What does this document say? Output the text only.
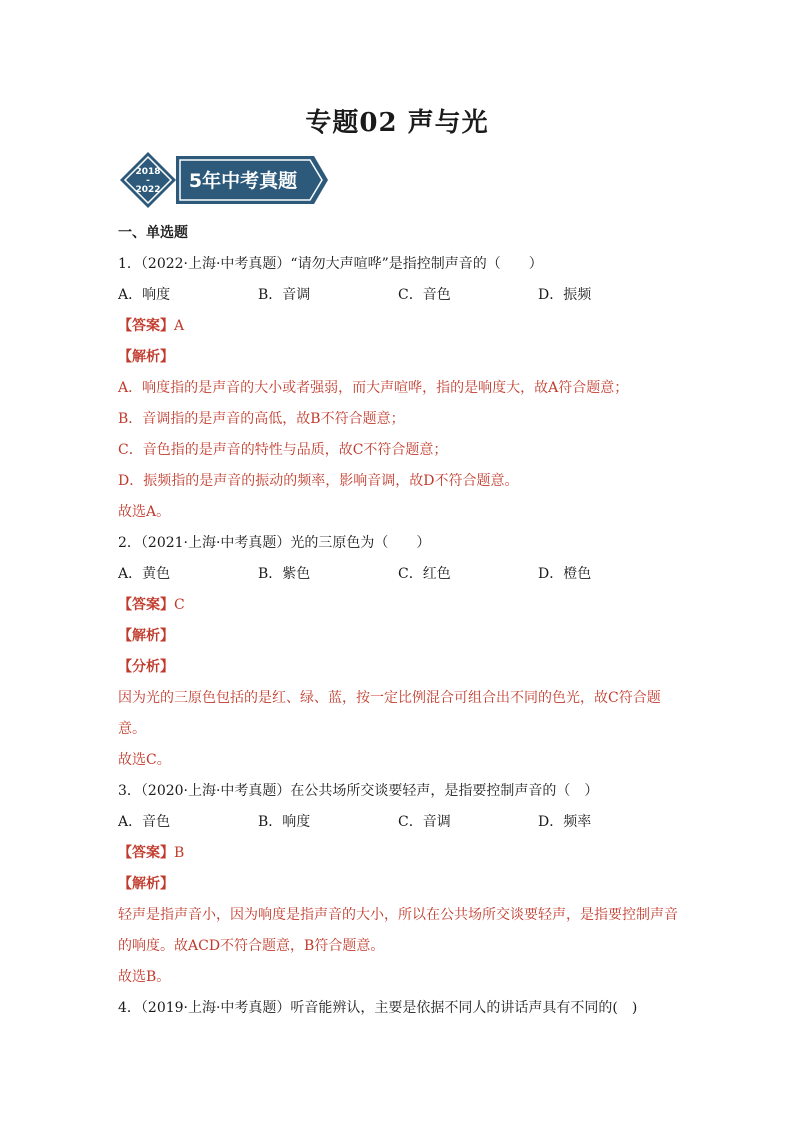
专题02 声与光
2018
-
2022 5年中考真题
一、单选题
1．（2022·上海·中考真题）“请勿大声喧哗”是指控制声音的（　　）
A．响度	B．音调	C．音色	D．振频
【答案】A
【解析】
A．响度指的是声音的大小或者强弱，而大声喧哗，指的是响度大，故A符合题意；
B．音调指的是声音的高低，故B不符合题意；
C．音色指的是声音的特性与品质，故C不符合题意；
D．振频指的是声音的振动的频率，影响音调，故D不符合题意。
故选A。
2．（2021·上海·中考真题）光的三原色为（　　）
A．黄色	B．紫色	C．红色	D．橙色
【答案】C
【解析】
【分析】
因为光的三原色包括的是红、绿、蓝，按一定比例混合可组合出不同的色光，故C符合题
意。
故选C。
3．（2020·上海·中考真题）在公共场所交谈要轻声，是指要控制声音的（　）
A．音色	B．响度	C．音调	D．频率
【答案】B
【解析】
轻声是指声音小，因为响度是指声音的大小，所以在公共场所交谈要轻声，是指要控制声音
的响度。故ACD不符合题意，B符合题意。
故选B。
4．（2019·上海·中考真题）听音能辨认，主要是依据不同人的讲话声具有不同的(　)
